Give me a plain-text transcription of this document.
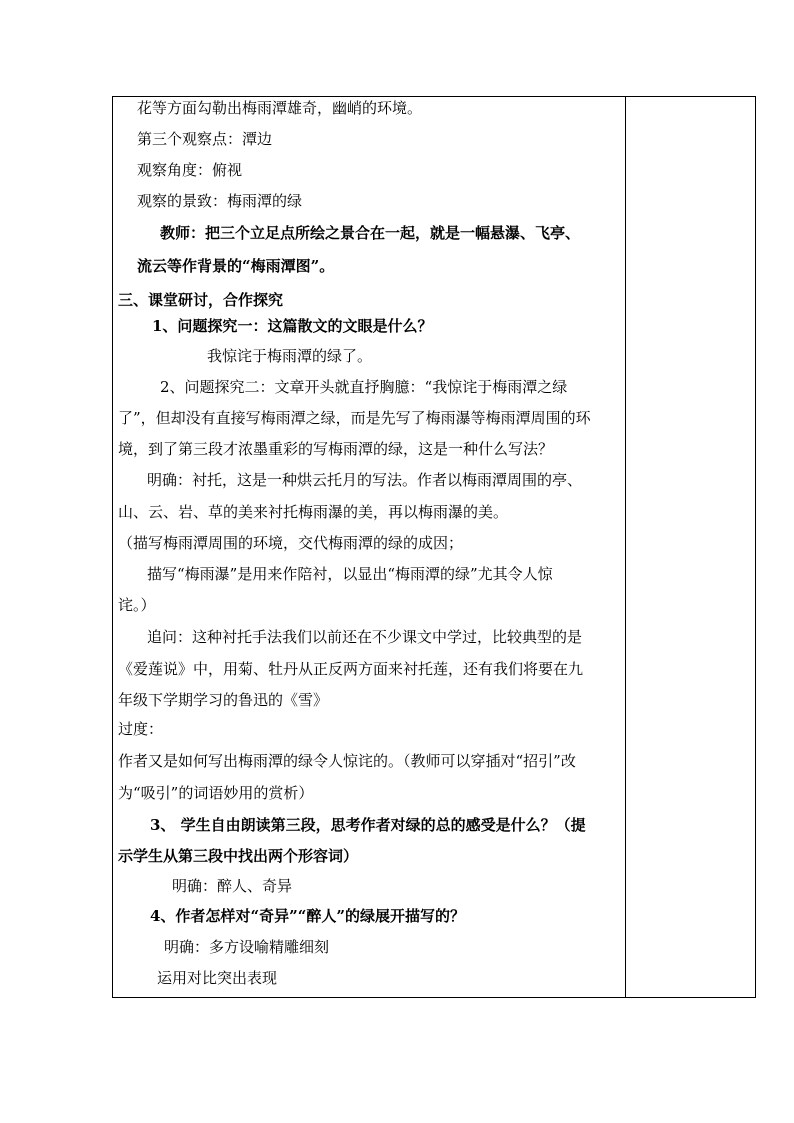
花等方面勾勒出梅雨潭雄奇，幽峭的环境。
第三个观察点：潭边
观察角度：俯视
观察的景致：梅雨潭的绿
教师：把三个立足点所绘之景合在一起，就是一幅悬瀑、飞亭、
流云等作背景的“梅雨潭图”。
三、课堂研讨，合作探究
1、问题探究一：这篇散文的文眼是什么？
我惊诧于梅雨潭的绿了。
2、问题探究二：文章开头就直抒胸臆：“我惊诧于梅雨潭之绿
了”，但却没有直接写梅雨潭之绿，而是先写了梅雨瀑等梅雨潭周围的环
境，到了第三段才浓墨重彩的写梅雨潭的绿，这是一种什么写法？
明确：衬托，这是一种烘云托月的写法。作者以梅雨潭周围的亭、
山、云、岩、草的美来衬托梅雨瀑的美，再以梅雨瀑的美。
（描写梅雨潭周围的环境，交代梅雨潭的绿的成因；
描写“梅雨瀑”是用来作陪衬，以显出“梅雨潭的绿”尤其令人惊
诧。）
追问：这种衬托手法我们以前还在不少课文中学过，比较典型的是
《爱莲说》中，用菊、牡丹从正反两方面来衬托莲，还有我们将要在九
年级下学期学习的鲁迅的《雪》
过度：
作者又是如何写出梅雨潭的绿令人惊诧的。（教师可以穿插对“招引”改
为“吸引”的词语妙用的赏析）
3、 学生自由朗读第三段，思考作者对绿的总的感受是什么？（提
示学生从第三段中找出两个形容词）
明确：醉人、奇异
4、作者怎样对“奇异”“醉人”的绿展开描写的？
明确：多方设喻精雕细刻
运用对比突出表现
